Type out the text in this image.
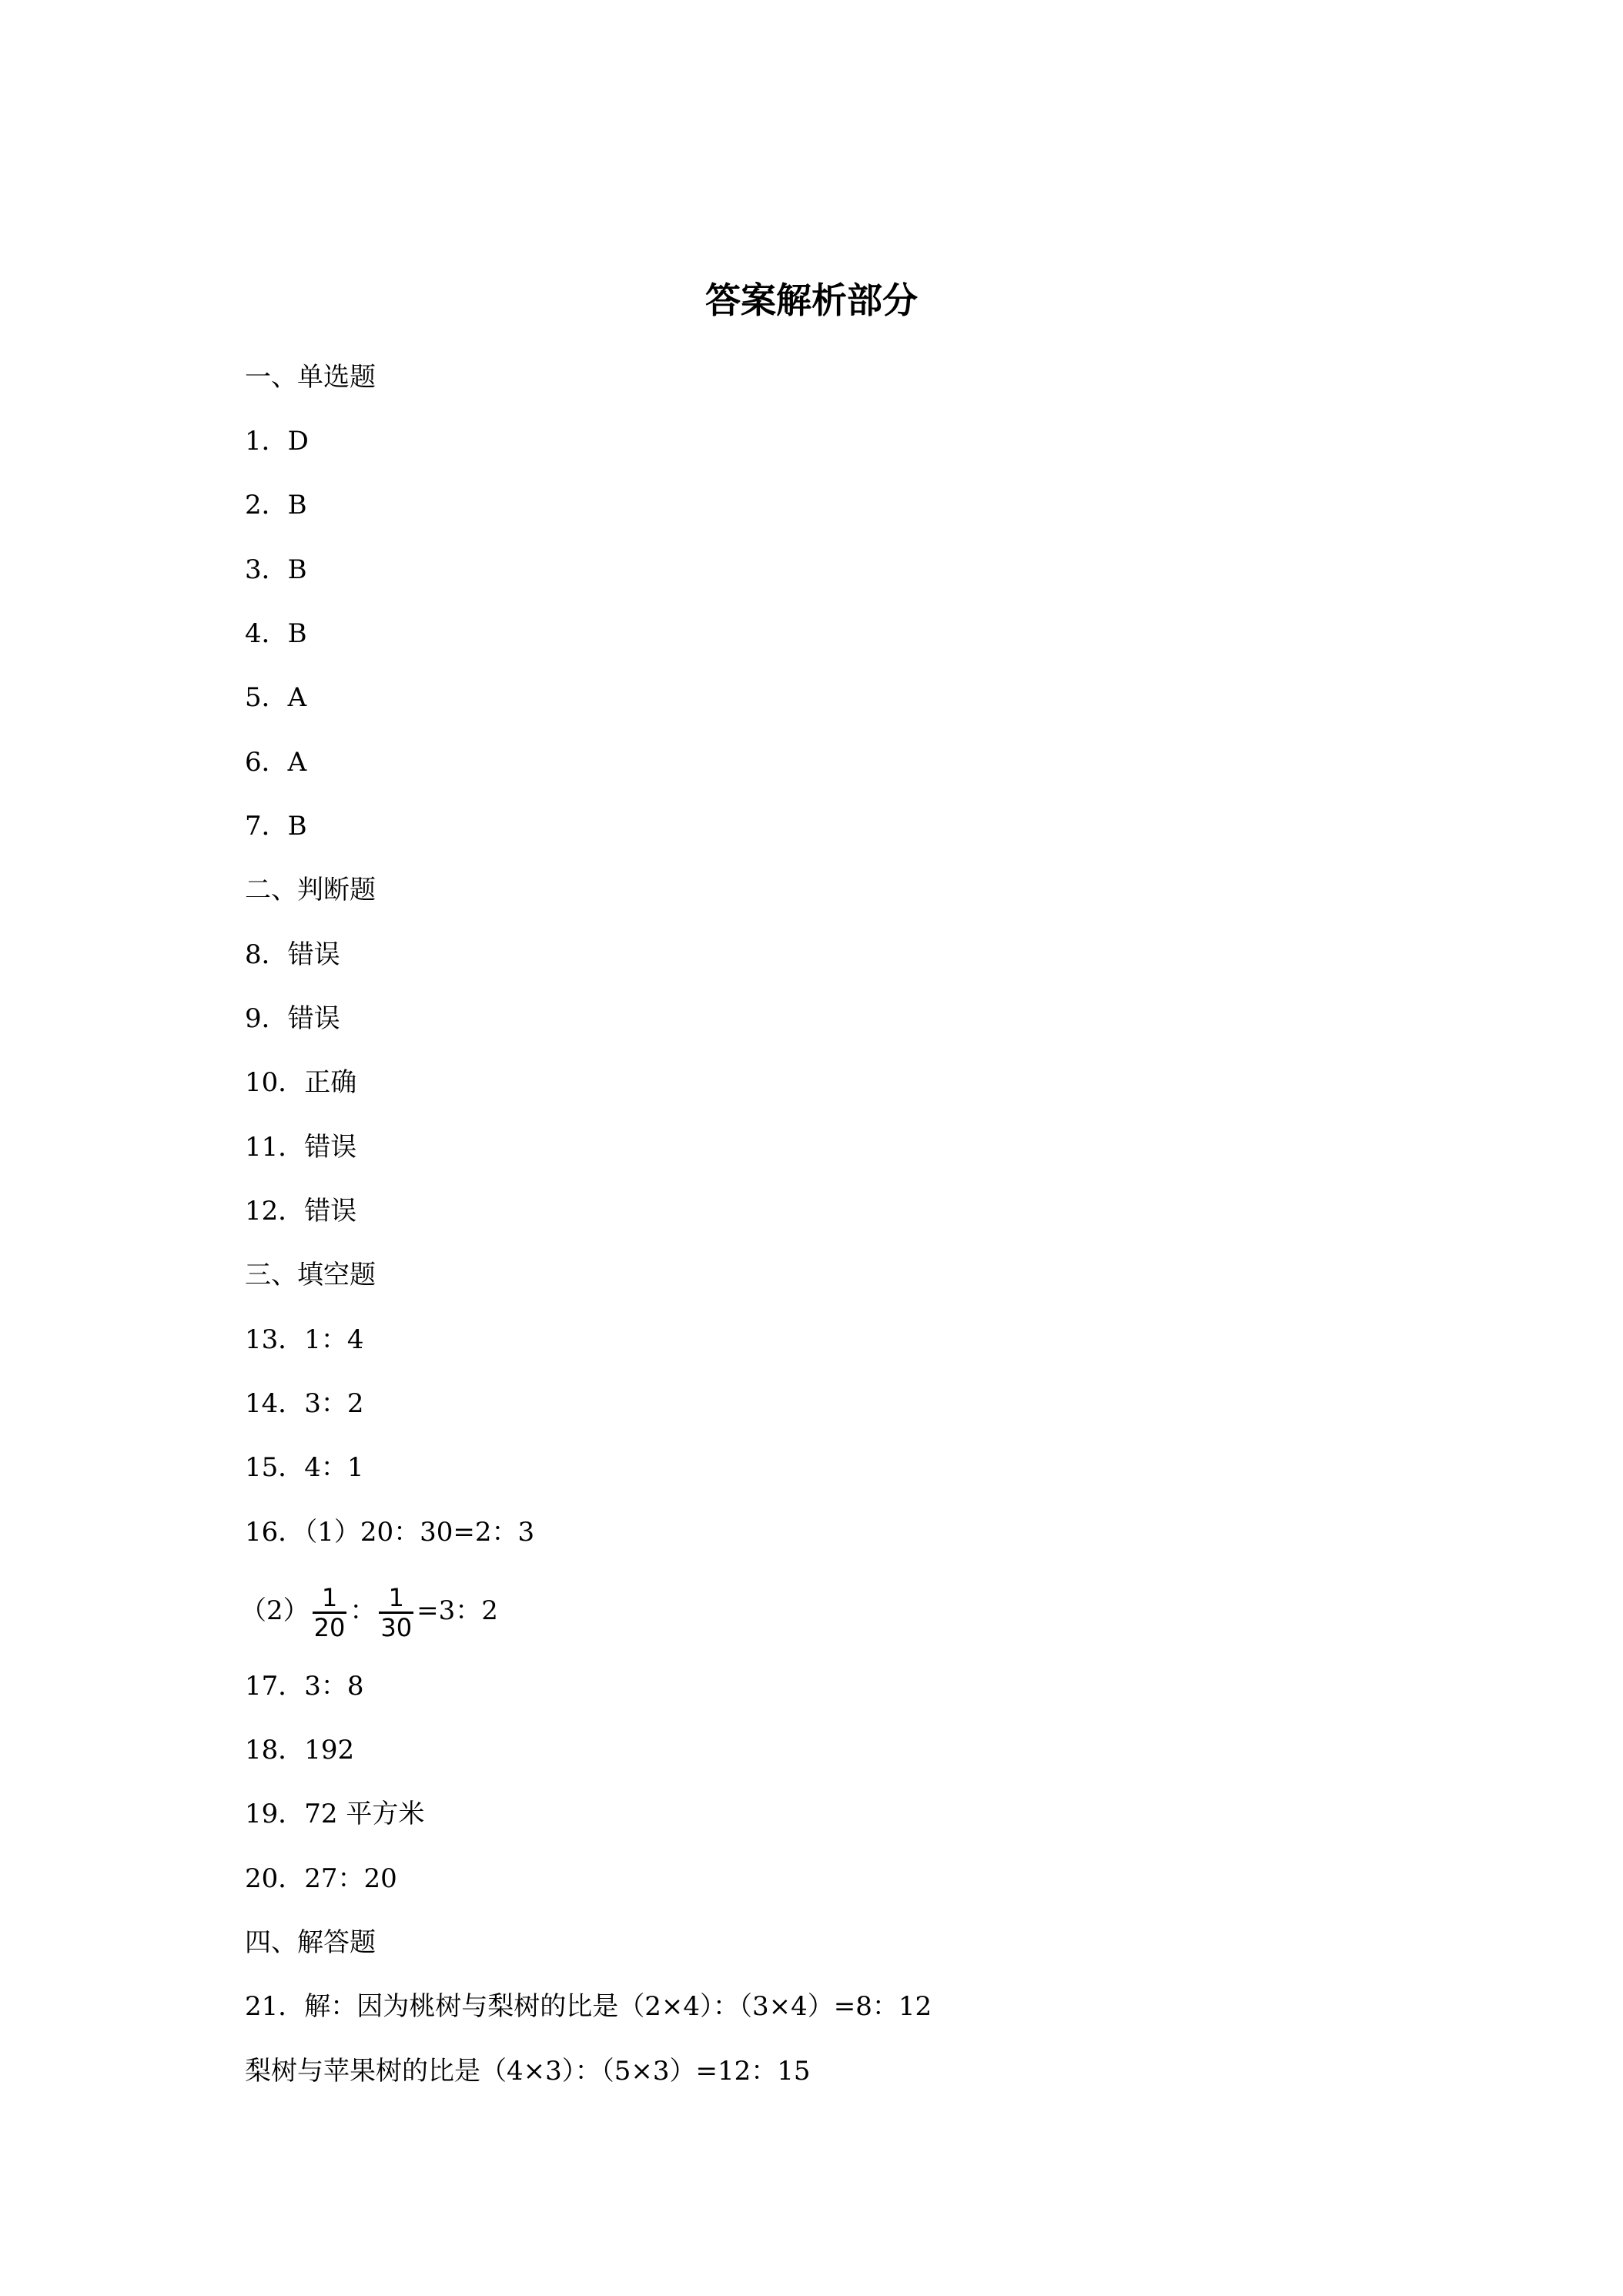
答案解析部分
一、单选题
1．D
2．B
3．B
4．B
5．A
6．A
7．B
二、判断题
8．错误
9．错误
10．正确
11．错误
12．错误
三、填空题
13．1：4
14．3：2
15．4：1
16．（1）20：30=2：3
$(2) \frac{1}{20}$ ： $\frac{1}{30} =3$：2
17．3：8
18．192
19．72 平方米
20．27：20
四、解答题
21．解：因为桃树与梨树的比是（2×4）：（3×4）=8：12
梨树与苹果树的比是（4×3）：（5×3）=12：15
